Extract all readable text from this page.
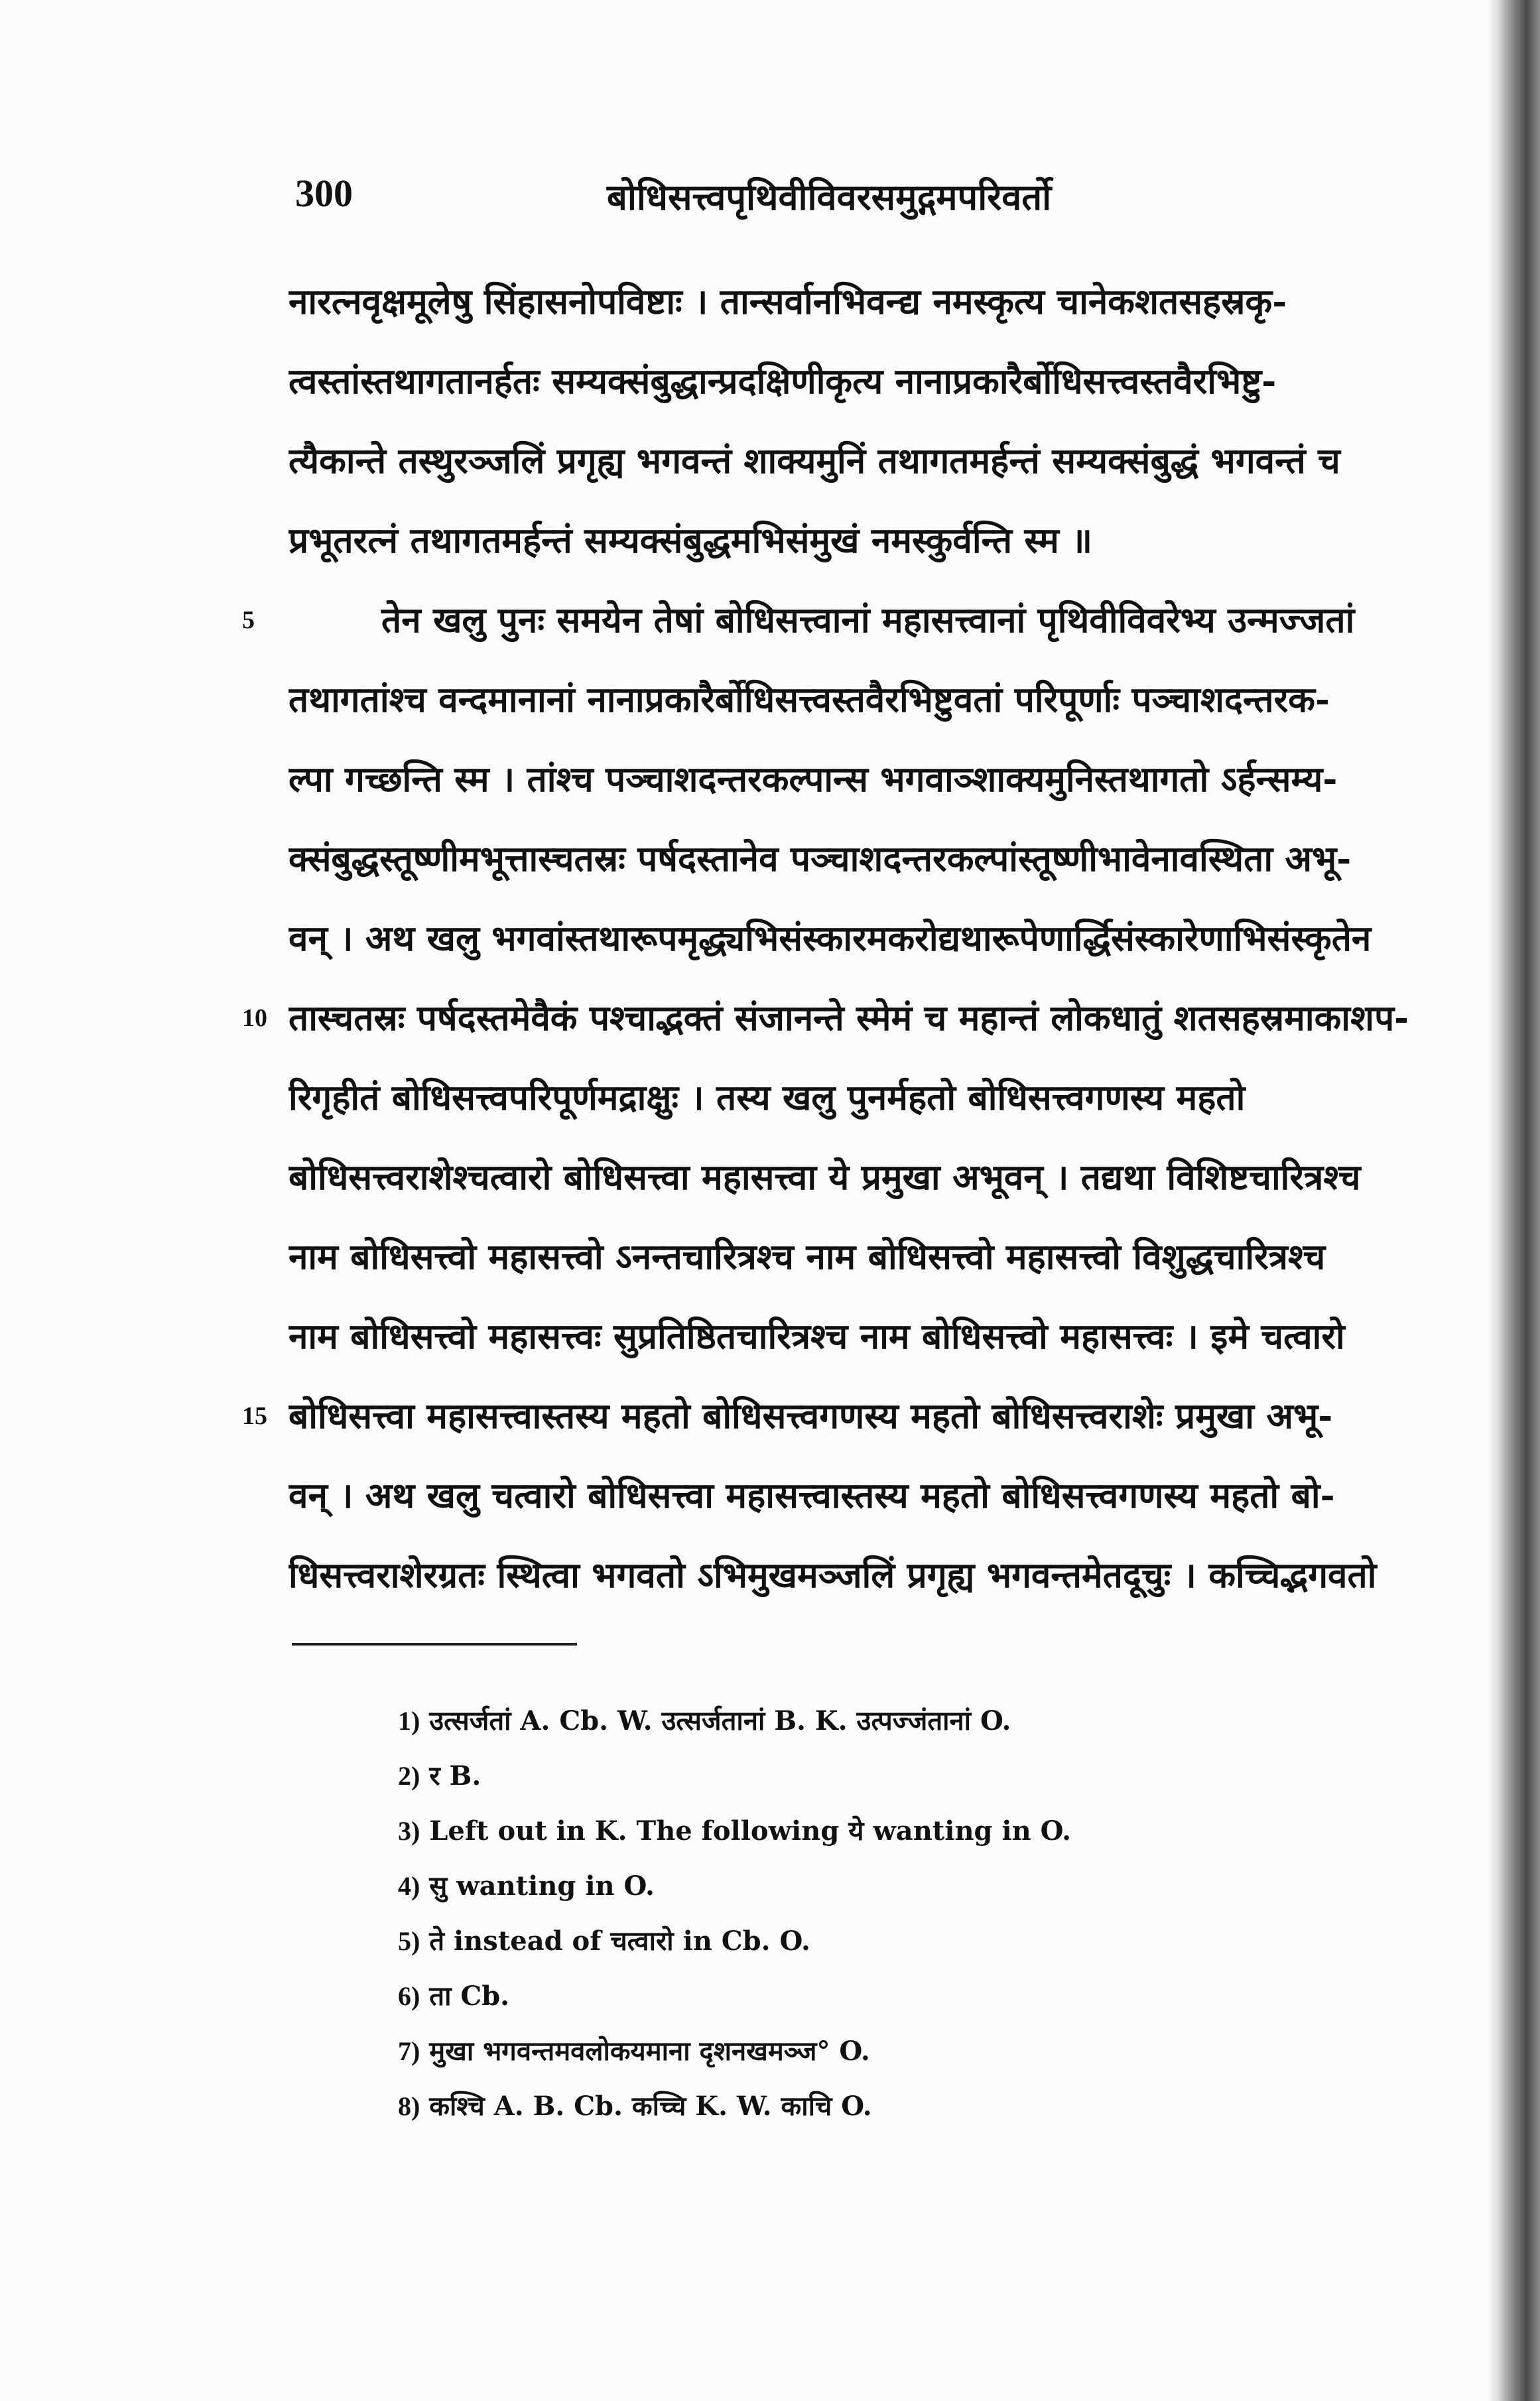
300	बोधिसत्त्वपृथिवीविवरसमुद्गमपरिवर्तो
नारत्नवृक्षमूलेषु सिंहासनोपविष्टाः । तान्सर्वानभिवन्द्य नमस्कृत्य चानेकशतसहस्रकृ-
त्वस्तांस्तथागतानर्हतः सम्यक्संबुद्धान्प्रदक्षिणीकृत्य नानाप्रकारैर्बोधिसत्त्वस्तवैरभिष्टु-
त्यैकान्ते तस्थुरञ्जलिं प्रगृह्य भगवन्तं शाक्यमुनिं तथागतमर्हन्तं सम्यक्संबुद्धं भगवन्तं च
प्रभूतरत्नं तथागतमर्हन्तं सम्यक्संबुद्धमभिसंमुखं नमस्कुर्वन्ति स्म ॥
5	तेन खलु पुनः समयेन तेषां बोधिसत्त्वानां महासत्त्वानां पृथिवीविवरेभ्य उन्मज्जतां
तथागतांश्च वन्दमानानां नानाप्रकारैर्बोधिसत्त्वस्तवैरभिष्टुवतां परिपूर्णाः पञ्चाशदन्तरक-
ल्पा गच्छन्ति स्म । तांश्च पञ्चाशदन्तरकल्पान्स भगवाञ्शाक्यमुनिस्तथागतो ऽर्हन्सम्य-
क्संबुद्धस्तूष्णीमभूत्तास्चतस्रः पर्षदस्तानेव पञ्चाशदन्तरकल्पांस्तूष्णीभावेनावस्थिता अभू-
वन् । अथ खलु भगवांस्तथारूपमृद्ध्यभिसंस्कारमकरोद्यथारूपेणार्द्धिसंस्कारेणाभिसंस्कृतेन
10 तास्चतस्रः पर्षदस्तमेवैकं पश्चाद्भक्तं संजानन्ते स्मेमं च महान्तं लोकधातुं शतसहस्रमाकाशप-
रिगृहीतं बोधिसत्त्वपरिपूर्णमद्राक्षुः । तस्य खलु पुनर्महतो बोधिसत्त्वगणस्य महतो
बोधिसत्त्वराशेश्चत्वारो बोधिसत्त्वा महासत्त्वा ये प्रमुखा अभूवन् । तद्यथा विशिष्टचारित्रश्च
नाम बोधिसत्त्वो महासत्त्वो ऽनन्तचारित्रश्च नाम बोधिसत्त्वो महासत्त्वो विशुद्धचारित्रश्च
नाम बोधिसत्त्वो महासत्त्वः सुप्रतिष्ठितचारित्रश्च नाम बोधिसत्त्वो महासत्त्वः । इमे चत्वारो
15 बोधिसत्त्वा महासत्त्वास्तस्य महतो बोधिसत्त्वगणस्य महतो बोधिसत्त्वराशेः प्रमुखा अभू-
वन् । अथ खलु चत्वारो बोधिसत्त्वा महासत्त्वास्तस्य महतो बोधिसत्त्वगणस्य महतो बो-
धिसत्त्वराशेरग्रतः स्थित्वा भगवतो ऽभिमुखमञ्जलिं प्रगृह्य भगवन्तमेतदूचुः । कच्चिद्भगवतो
1) उत्सर्जतां A. Cb. W. उत्सर्जतानां B. K. उत्पज्जंतानां O.
2) र B.
3) Left out in K. The following ये wanting in O.
4) सु wanting in O.
5) ते instead of चत्वारो in Cb. O.
6) ता Cb.
7) मुखा भगवन्तमवलोकयमाना दृशनखमञ्ज° O.
8) कश्चि A. B. Cb. कच्चि K. W. काचि O.
